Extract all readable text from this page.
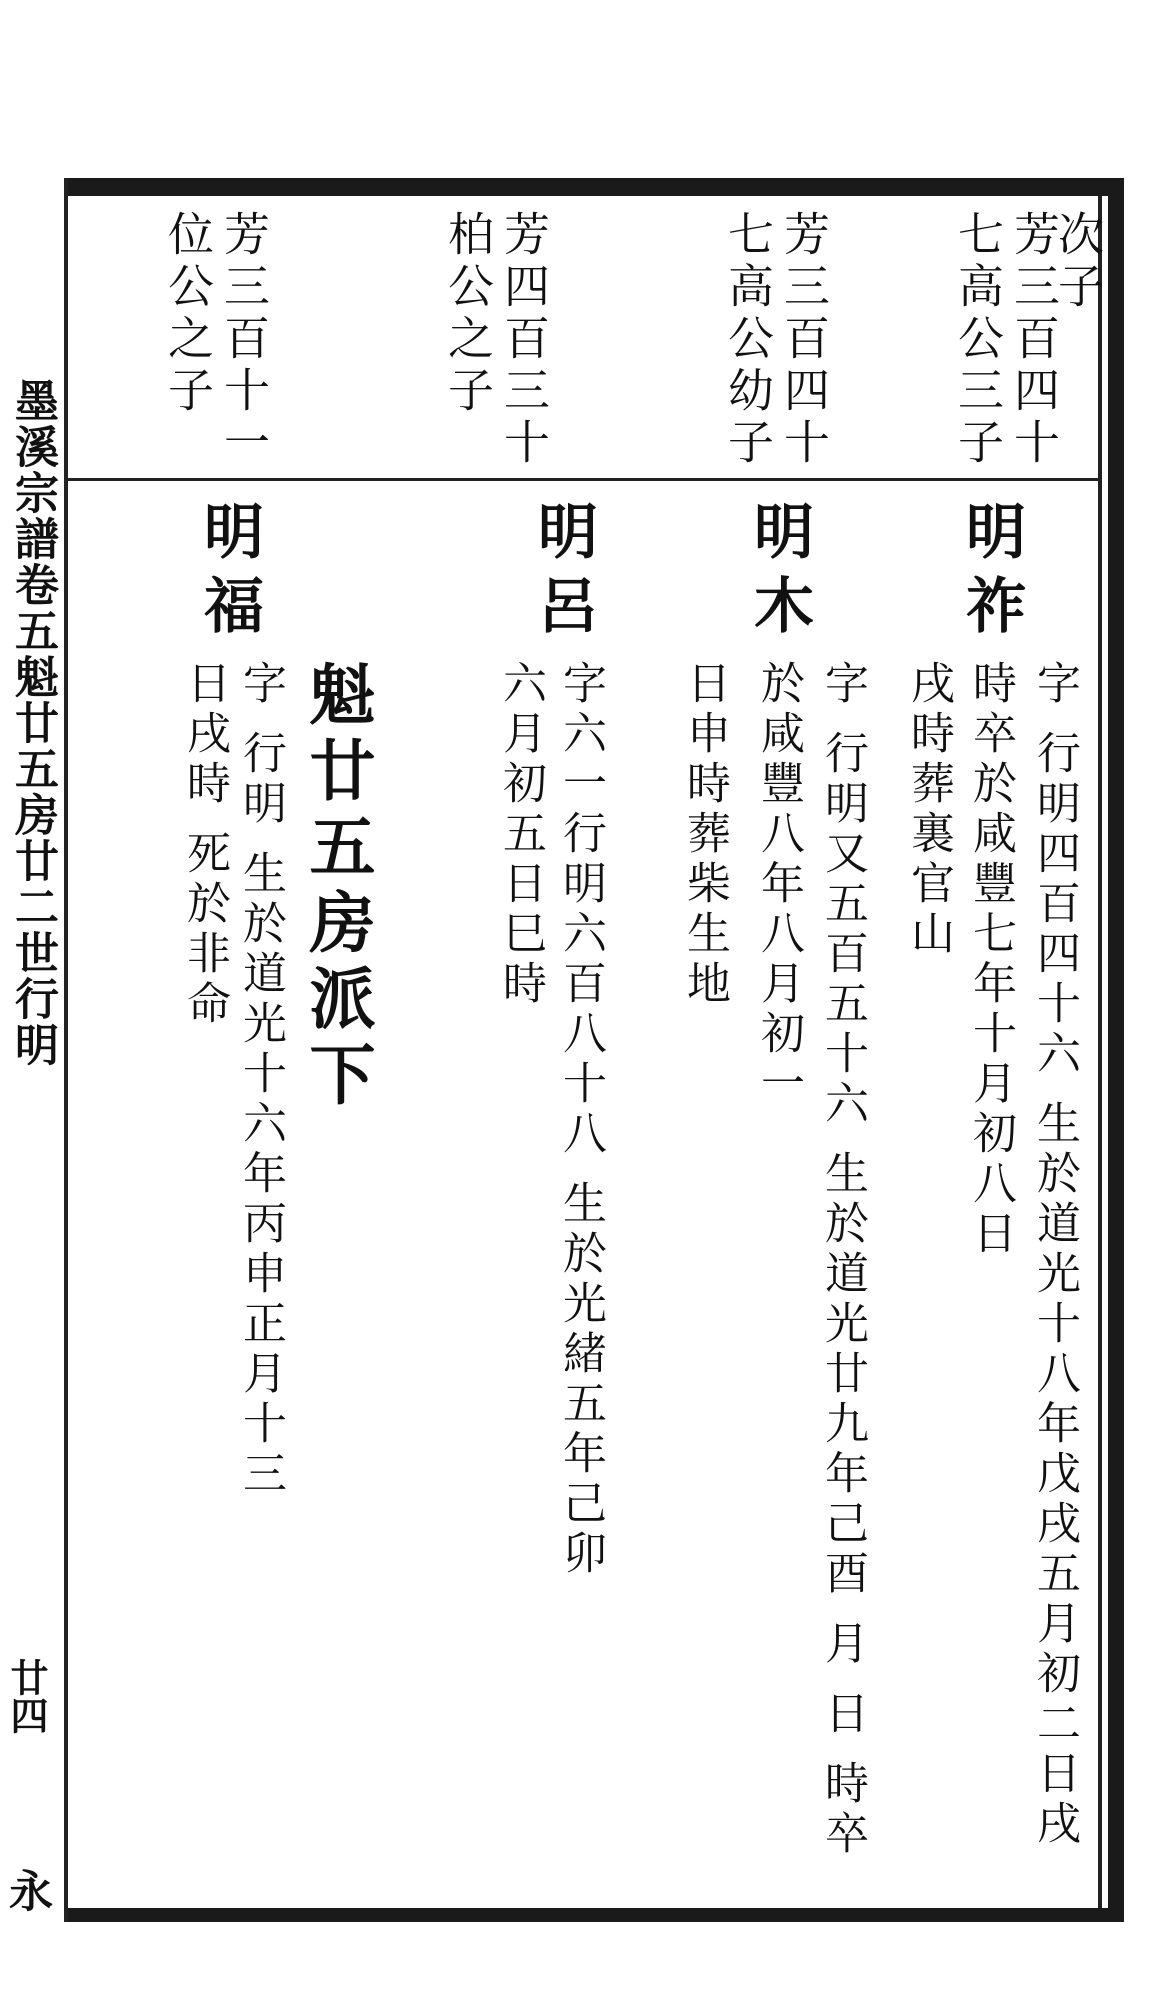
墨溪宗譜卷五魁廿五房廿二世行明
廿四
永
次子
芳三百四十七高公三子
芳三百四十七高公幼子
芳四百三十柏公之子
芳三百十一位公之子
明祚
字 行明四百四十六 生於道光十八年戊戌五月初二日戌時卒於咸豐七年十月初八日
戌時葬裏官山
明木
字 行明又五百五十六 生於道光廿九年己酉 月 日 時卒於咸豐八年八月初一
日申時葬柴生地
明呂
字六一行明六百八十八 生於光緒五年己卯
六月初五日巳時
魁廿五房派下
明福
字 行明 生於道光十六年丙申正月十三
日戌時 死於非命
